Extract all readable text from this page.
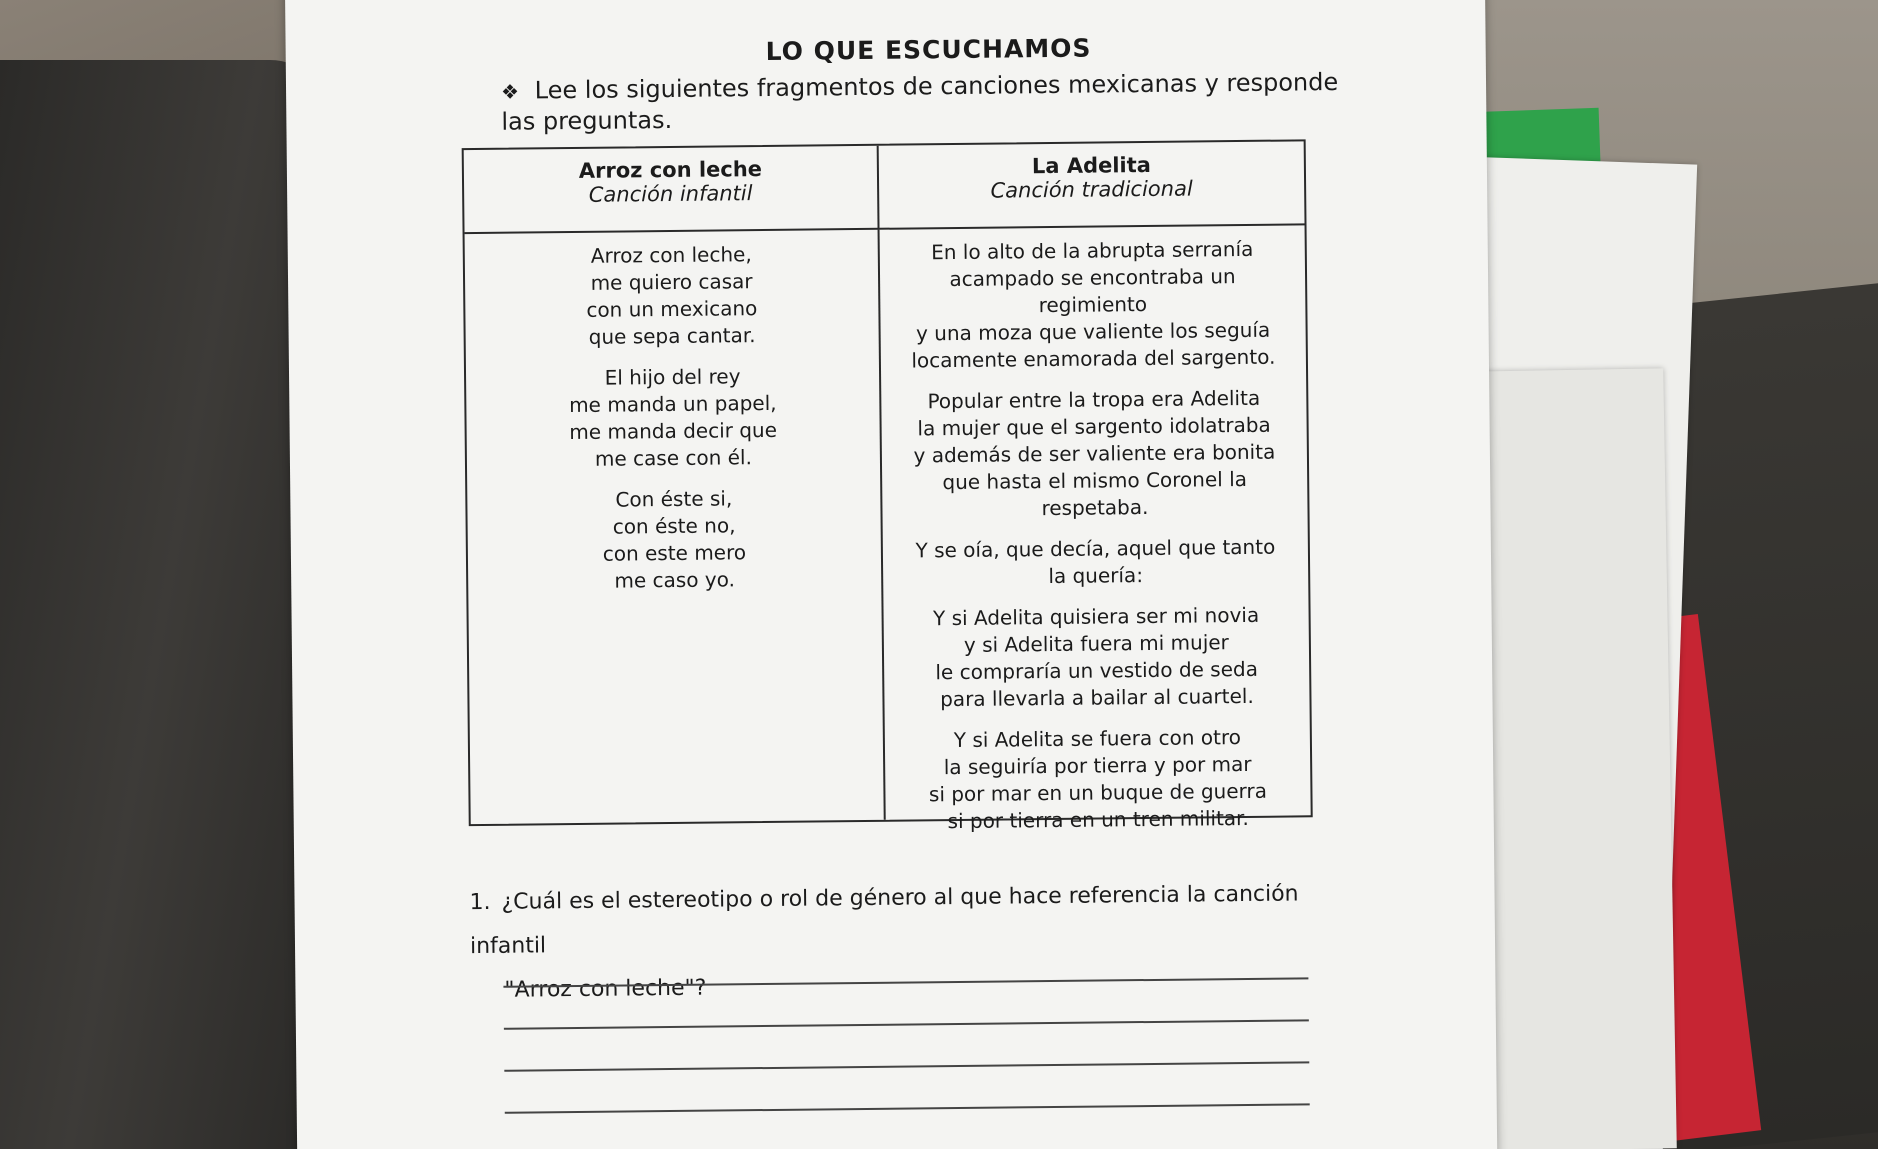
LO QUE ESCUCHAMOS
❖ Lee los siguientes fragmentos de canciones mexicanas y responde las preguntas.
Arroz con leche
Canción infantil
La Adelita
Canción tradicional
Arroz con leche,
me quiero casar
con un mexicano
que sepa cantar.
El hijo del rey
me manda un papel,
me manda decir que
me case con él.
Con éste si,
con éste no,
con este mero
me caso yo.
En lo alto de la abrupta serranía
acampado se encontraba un
regimiento
y una moza que valiente los seguía
locamente enamorada del sargento.
Popular entre la tropa era Adelita
la mujer que el sargento idolatraba
y además de ser valiente era bonita
que hasta el mismo Coronel la
respetaba.
Y se oía, que decía, aquel que tanto
la quería:
Y si Adelita quisiera ser mi novia
y si Adelita fuera mi mujer
le compraría un vestido de seda
para llevarla a bailar al cuartel.
Y si Adelita se fuera con otro
la seguiría por tierra y por mar
si por mar en un buque de guerra
si por tierra en un tren militar.
1. ¿Cuál es el estereotipo o rol de género al que hace referencia la canción infantil
"Arroz con leche"?
